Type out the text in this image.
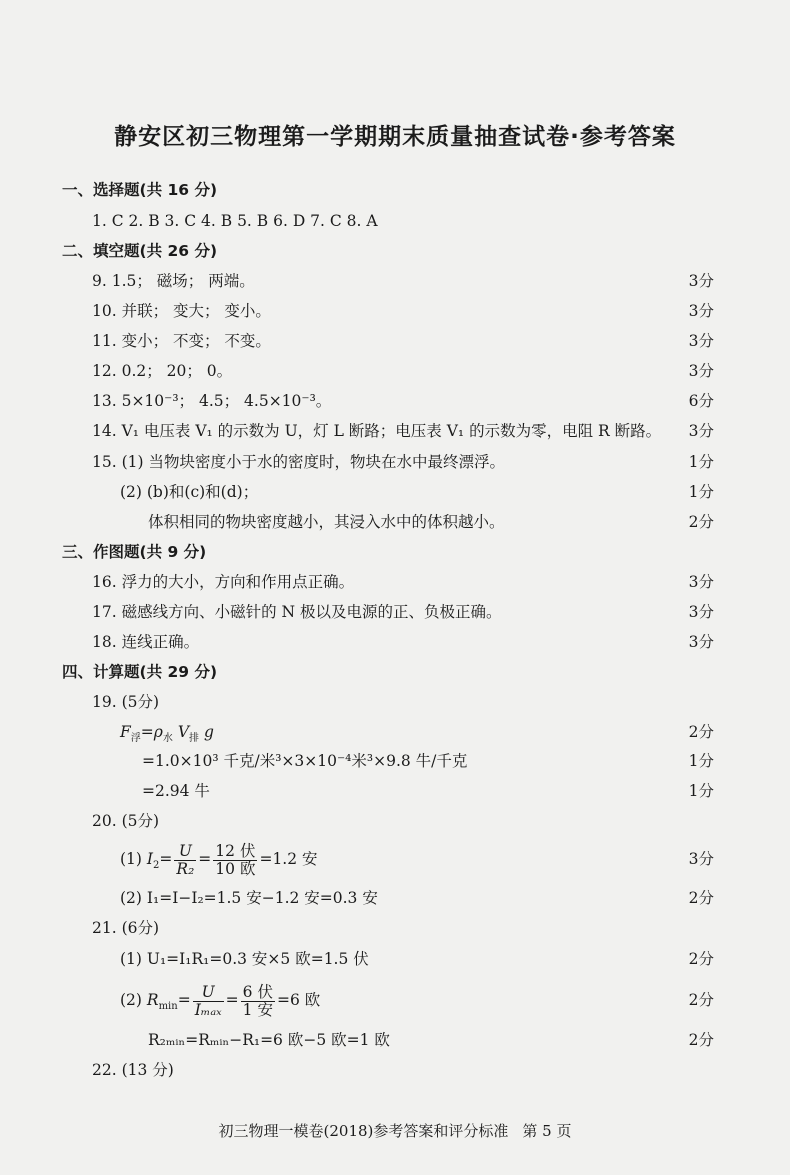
静安区初三物理第一学期期末质量抽查试卷·参考答案
一、选择题(共 16 分)
1. C 2. B 3. C 4. B 5. B 6. D 7. C 8. A
二、填空题(共 26 分)
9. 1.5； 磁场； 两端。	3分
10. 并联； 变大； 变小。	3分
11. 变小； 不变； 不变。	3分
12. 0.2； 20； 0。	3分
13. 5×10⁻³； 4.5； 4.5×10⁻³。	6分
14. V₁ 电压表 V₁ 的示数为 U，灯 L 断路；电压表 V₁ 的示数为零，电阻 R 断路。 3分
15. (1) 当物块密度小于水的密度时，物块在水中最终漂浮。	1分
(2) (b)和(c)和(d)；	1分
体积相同的物块密度越小，其浸入水中的体积越小。	2分
三、作图题(共 9 分)
16. 浮力的大小，方向和作用点正确。	3分
17. 磁感线方向、小磁针的 N 极以及电源的正、负极正确。	3分
18. 连线正确。	3分
四、计算题(共 29 分)
19. (5分)
$F_浮=\rho_水$ $V_排$ g	2分
=1.0×10³ 千克/米³×3×10⁻⁴米³×9.8 牛/千克	1分
=2.94 牛	1分
20. (5分)
(1) $I_2= \frac{U}{\text{R₂}} = \frac{\text{12 伏}}{\text{10 欧}} =1.2$ 安	3分
(2) I₁=I−I₂=1.5 安−1.2 安=0.3 安	2分
21. (6分)
(1) U₁=I₁R₁=0.3 安×5 欧=1.5 伏	2分
(2) $R_{min}= \frac{U}{\text{Iₘₐₓ}} = \frac{\text{6 伏}}{\text{1 安}} =6$ 欧	2分
R₂ₘᵢₙ=Rₘᵢₙ−R₁=6 欧−5 欧=1 欧	2分
22. (13 分)
初三物理一模卷(2018)参考答案和评分标准 第 5 页
